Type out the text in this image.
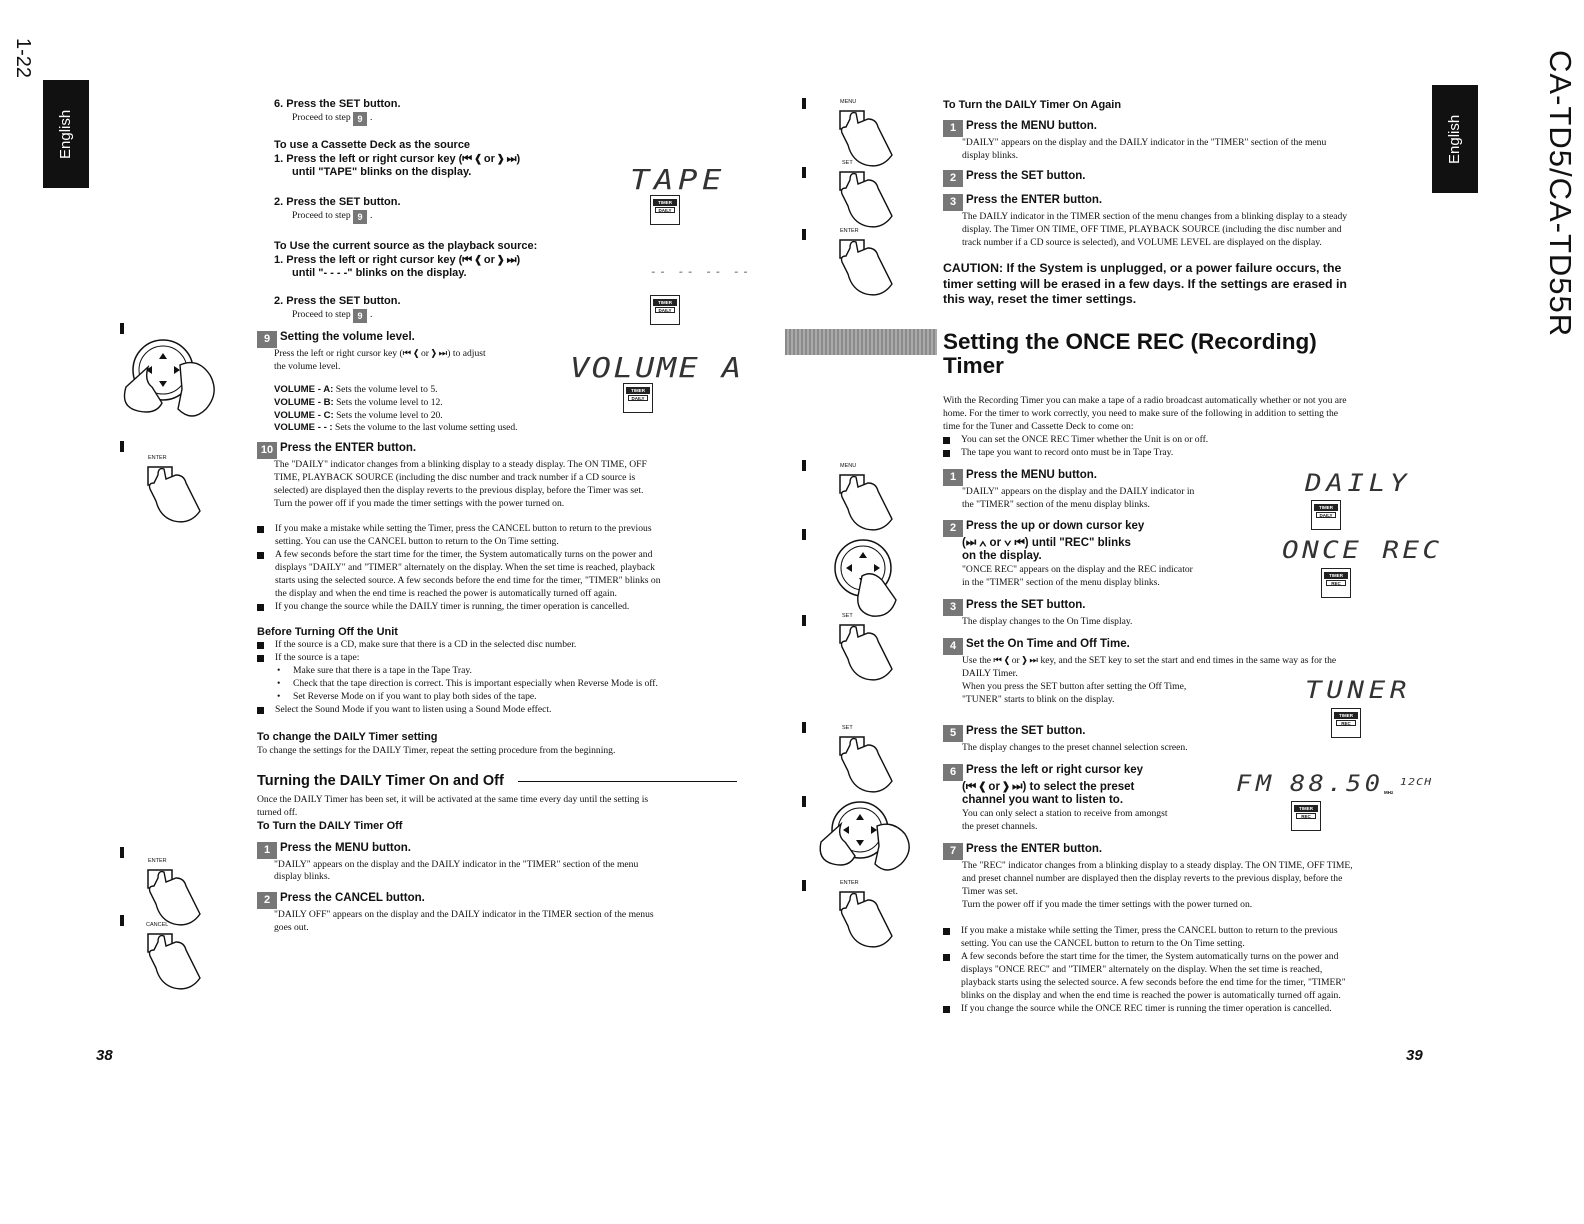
1-22
English	English	CA-TD5/CA-TD55R
6. Press the SET button.
Proceed to step 9 .
To use a Cassette Deck as the source
1. Press the left or right cursor key (⏮ ❮ or ❯ ⏭)
until "TAPE" blinks on the display.
2. Press the SET button.
Proceed to step 9 .
To Use the current source as the playback source:
1. Press the left or right cursor key (⏮ ❮ or ❯ ⏭)
until "- - - -" blinks on the display.
2. Press the SET button.
Proceed to step 9 .
9 Setting the volume level.
Press the left or right cursor key (⏮ ❮ or ❯ ⏭) to adjust
the volume level.
VOLUME - A: Sets the volume level to 5.
VOLUME - B: Sets the volume level to 12.
VOLUME - C: Sets the volume level to 20.
VOLUME - - : Sets the volume to the last volume setting used.
10 Press the ENTER button.
The "DAILY" indicator changes from a blinking display to a steady display. The ON TIME, OFF
TIME, PLAYBACK SOURCE (including the disc number and track number if a CD source is
selected) are displayed then the display reverts to the previous display, before the Timer was set.
Turn the power off if you made the timer settings with the power turned on.
If you make a mistake while setting the Timer, press the CANCEL button to return to the previous
setting. You can use the CANCEL button to return to the On Time setting.
A few seconds before the start time for the timer, the System automatically turns on the power and
displays "DAILY" and "TIMER" alternately on the display. When the set time is reached, playback
starts using the selected source. A few seconds before the end time for the timer, "TIMER" blinks on
the display and when the end time is reached the power is automatically turned off again.
If you change the source while the DAILY timer is running, the timer operation is cancelled.
Before Turning Off the Unit
If the source is a CD, make sure that there is a CD in the selected disc number.
If the source is a tape:
• Make sure that there is a tape in the Tape Tray.
• Check that the tape direction is correct. This is important especially when Reverse Mode is off.
• Set Reverse Mode on if you want to play both sides of the tape.
Select the Sound Mode if you want to listen using a Sound Mode effect.
To change the DAILY Timer setting
To change the settings for the DAILY Timer, repeat the setting procedure from the beginning.
Turning the DAILY Timer On and Off
Once the DAILY Timer has been set, it will be activated at the same time every day until the setting is
turned off.
To Turn the DAILY Timer Off
1 Press the MENU button.
"DAILY" appears on the display and the DAILY indicator in the "TIMER" section of the menu
display blinks.
2 Press the CANCEL button.
"DAILY OFF" appears on the display and the DAILY indicator in the TIMER section of the menus
goes out.
TAPE
TIMER
DAILY
-- -- -- --
TIMER
DAILY
VOLUME A
TIMER
DAILY
ENTER
ENTER
CANCEL
38
To Turn the DAILY Timer On Again
1 Press the MENU button.
"DAILY" appears on the display and the DAILY indicator in the "TIMER" section of the menu
display blinks.
2 Press the SET button.
3 Press the ENTER button.
The DAILY indicator in the TIMER section of the menu changes from a blinking display to a steady
display. The Timer ON TIME, OFF TIME, PLAYBACK SOURCE (including the disc number and
track number if a CD source is selected), and VOLUME LEVEL are displayed on the display.
CAUTION: If the System is unplugged, or a power failure occurs, the
timer setting will be erased in a few days. If the settings are erased in
this way, reset the timer settings.
Setting the ONCE REC (Recording)
Timer
With the Recording Timer you can make a tape of a radio broadcast automatically whether or not you are
home. For the timer to work correctly, you need to make sure of the following in addition to setting the
time for the Tuner and Cassette Deck to come on:
You can set the ONCE REC Timer whether the Unit is on or off.
The tape you want to record onto must be in Tape Tray.
1 Press the MENU button.
"DAILY" appears on the display and the DAILY indicator in
the "TIMER" section of the menu display blinks.
2 Press the up or down cursor key
(⏭ ∧ or ∨ ⏮) until "REC" blinks
on the display.
"ONCE REC" appears on the display and the REC indicator
in the "TIMER" section of the menu display blinks.
3 Press the SET button.
The display changes to the On Time display.
4 Set the On Time and Off Time.
Use the ⏮ ❮ or ❯ ⏭ key, and the SET key to set the start and end times in the same way as for the
DAILY Timer.
When you press the SET button after setting the Off Time,
"TUNER" starts to blink on the display.
5 Press the SET button.
The display changes to the preset channel selection screen.
6 Press the left or right cursor key
(⏮ ❮ or ❯ ⏭) to select the preset
channel you want to listen to.
You can only select a station to receive from amongst
the preset channels.
7 Press the ENTER button.
The "REC" indicator changes from a blinking display to a steady display. The ON TIME, OFF TIME,
and preset channel number are displayed then the display reverts to the previous display, before the
Timer was set.
Turn the power off if you made the timer settings with the power turned on.
If you make a mistake while setting the Timer, press the CANCEL button to return to the previous
setting. You can use the CANCEL button to return to the On Time setting.
A few seconds before the start time for the timer, the System automatically turns on the power and
displays "ONCE REC" and "TIMER" alternately on the display. When the set time is reached,
playback starts using the selected source. A few seconds before the end time for the timer, "TIMER"
blinks on the display and when the end time is reached the power is automatically turned off again.
If you change the source while the ONCE REC timer is running the timer operation is cancelled.
DAILY
TIMER
DAILY
ONCE REC
TIMER
REC
TUNER
TIMER
REC
FM 88.50 MHz
12CH
TIMER
REC
MENU
SET
ENTER
MENU
SET
SET
ENTER
39
